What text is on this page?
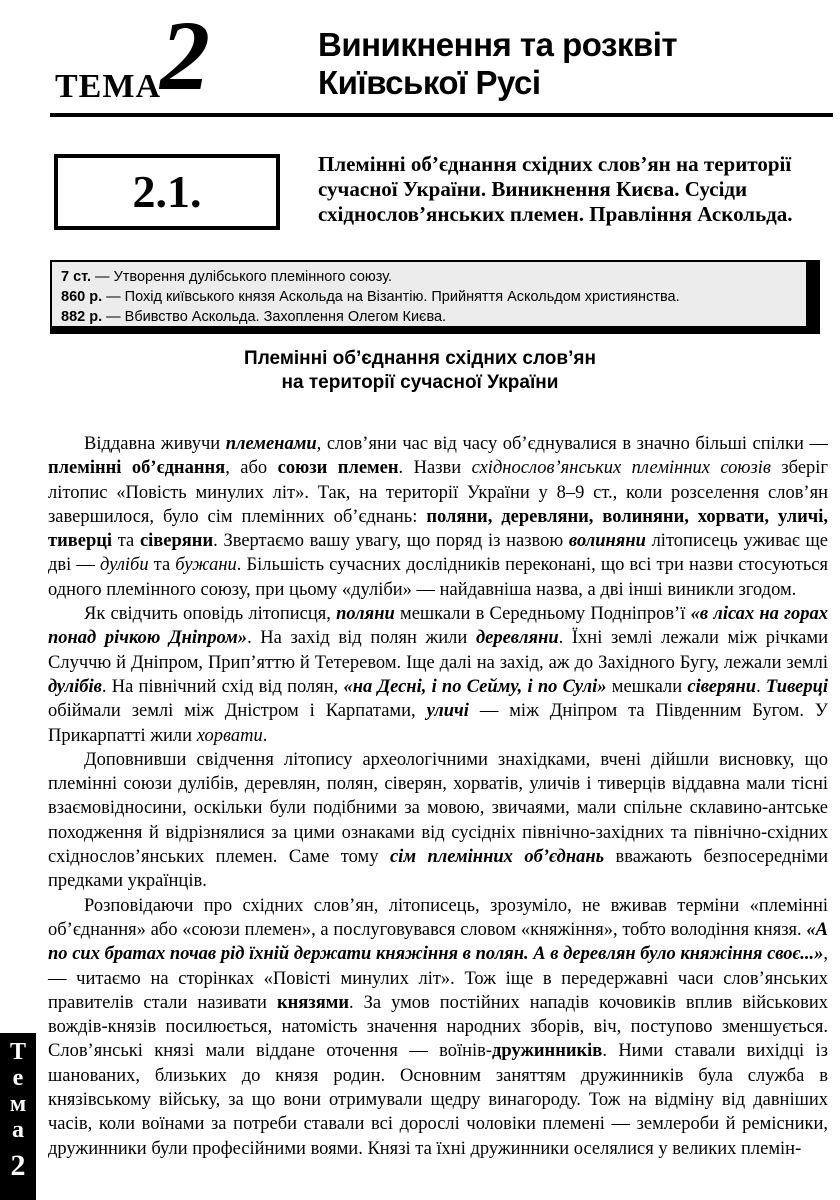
ТЕМА 2	Виникнення та розквіт
Київської Русі
2.1.
Племінні об’єднання східних слов’ян на території сучасної України. Виникнення Києва. Сусіди східнослов’янських племен. Правління Аскольда.
7 ст. — Утворення дулібського племінного союзу.
860 р. — Похід київського князя Аскольда на Візантію. Прийняття Аскольдом християнства.
882 р. — Вбивство Аскольда. Захоплення Олегом Києва.
Племінні об’єднання східних слов’ян
на території сучасної України

Віддавна живучи племенами, слов’яни час від часу об’єднувалися в значно більші спілки — племінні об’єднання, або союзи племен. Назви східнослов’янських племінних союзів зберіг літопис «Повість минулих літ». Так, на території України у 8–9 ст., коли розселення слов’ян завершилося, було сім племінних об’єднань: поляни, деревляни, волиняни, хорвати, уличі, тиверці та сіверяни. Звертаємо вашу увагу, що поряд із назвою волиняни літописець уживає ще дві — дуліби та бужани. Більшість сучасних дослідників переконані, що всі три назви стосуються одного племінного союзу, при цьому «дуліби» — найдавніша назва, а дві інші виникли згодом.

Як свідчить оповідь літописця, поляни мешкали в Середньому Подніпров’ї «в лісах на горах понад річкою Дніпром». На захід від полян жили деревляни. Їхні землі лежали між річками Случчю й Дніпром, Прип’яттю й Тетеревом. Іще далі на захід, аж до Західного Бугу, лежали землі дулібів. На північний схід від полян, «на Десні, і по Сейму, і по Сулі» мешкали сіверяни. Тиверці обіймали землі між Дністром і Карпатами, уличі — між Дніпром та Південним Бугом. У Прикарпатті жили хорвати.

Доповнивши свідчення літопису археологічними знахідками, вчені дійшли висновку, що племінні союзи дулібів, деревлян, полян, сіверян, хорватів, уличів і тиверців віддавна мали тісні взаємовідносини, оскільки були подібними за мовою, звичаями, мали спільне склавино-антське походження й відрізнялися за цими ознаками від сусідніх північно-західних та північно-східних східнослов’янських племен. Саме тому сім племінних об’єднань вважають безпосередніми предками українців.

Розповідаючи про східних слов’ян, літописець, зрозуміло, не вживав терміни «племінні об’єднання» або «союзи племен», а послуговувався словом «княжіння», тобто володіння князя. «А по сих братах почав рід їхній держати княжіння в полян. А в деревлян було княжіння своє...», — читаємо на сторінках «Повісті минулих літ». Тож іще в передержавні часи слов’янських правителів стали називати князями. За умов постійних нападів кочовиків вплив військових вождів-князів посилюється, натомість значення народних зборів, віч, поступово зменшується. Слов’янські князі мали віддане оточення — воїнів-дружинників. Ними ставали вихідці із шанованих, близьких до князя родин. Основним заняттям дружинників була служба в князівському війську, за що вони отримували щедру винагороду. Тож на відміну від давніших часів, коли воїнами за потреби ставали всі дорослі чоловіки племені — землероби й ремісники, дружинники були професійними воями. Князі та їхні дружинники оселялися у великих племін-

Т
е
м
а
2
